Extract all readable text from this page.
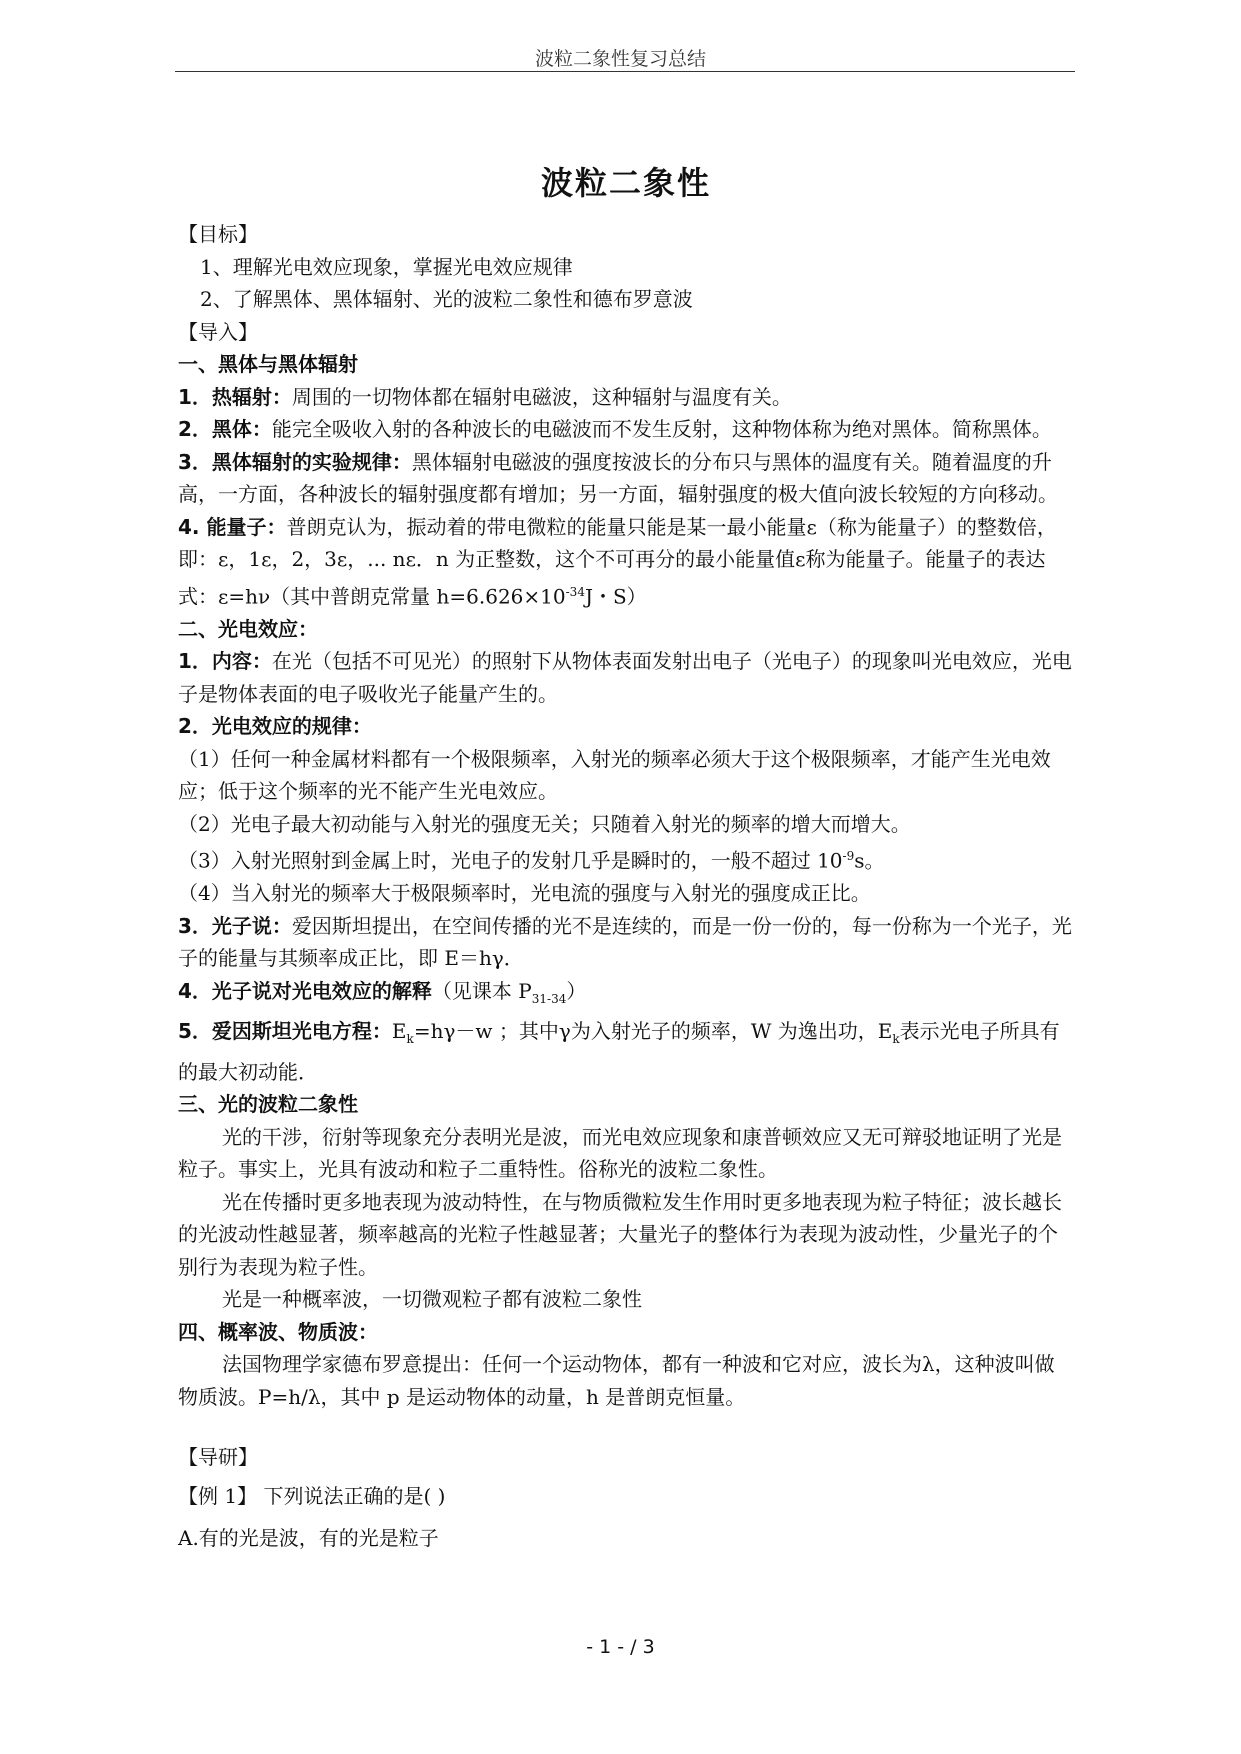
波粒二象性复习总结
波粒二象性

【目标】

1、理解光电效应现象，掌握光电效应规律

2、了解黑体、黑体辐射、光的波粒二象性和德布罗意波

【导入】

一、黑体与黑体辐射

1．热辐射：周围的一切物体都在辐射电磁波，这种辐射与温度有关。

2．黑体：能完全吸收入射的各种波长的电磁波而不发生反射，这种物体称为绝对黑体。简称黑体。

3．黑体辐射的实验规律：黑体辐射电磁波的强度按波长的分布只与黑体的温度有关。随着温度的升高，一方面，各种波长的辐射强度都有增加；另一方面，辐射强度的极大值向波长较短的方向移动。

4. 能量子：普朗克认为，振动着的带电微粒的能量只能是某一最小能量ε（称为能量子）的整数倍，即：ε，1ε，2，3ε，... nε．n 为正整数，这个不可再分的最小能量值ε称为能量子。能量子的表达式：ε=hν（其中普朗克常量 $h=6.626\times 10^{-34}J$・S）

二、光电效应：

1．内容：在光（包括不可见光）的照射下从物体表面发射出电子（光电子）的现象叫光电效应，光电子是物体表面的电子吸收光子能量产生的。

2．光电效应的规律：

（1）任何一种金属材料都有一个极限频率，入射光的频率必须大于这个极限频率，才能产生光电效应；低于这个频率的光不能产生光电效应。

（2）光电子最大初动能与入射光的强度无关；只随着入射光的频率的增大而增大。

（3）入射光照射到金属上时，光电子的发射几乎是瞬时的，一般不超过 $10^{-9}s$。

（4）当入射光的频率大于极限频率时，光电流的强度与入射光的强度成正比。

3．光子说：爱因斯坦提出，在空间传播的光不是连续的，而是一份一份的，每一份称为一个光子，光子的能量与其频率成正比，即 E＝hγ．

4．光子说对光电效应的解释（见课本 $P_{31-34}$）

5．爱因斯坦光电方程：$E_k=h\gamma-w$ ；其中γ为入射光子的频率，W 为逸出功，$E_k$表示光电子所具有的最大初动能．

三、光的波粒二象性

光的干涉，衍射等现象充分表明光是波，而光电效应现象和康普顿效应又无可辩驳地证明了光是粒子。事实上，光具有波动和粒子二重特性。俗称光的波粒二象性。

光在传播时更多地表现为波动特性，在与物质微粒发生作用时更多地表现为粒子特征；波长越长的光波动性越显著，频率越高的光粒子性越显著；大量光子的整体行为表现为波动性，少量光子的个别行为表现为粒子性。

光是一种概率波，一切微观粒子都有波粒二象性

四、概率波、物质波：

法国物理学家德布罗意提出：任何一个运动物体，都有一种波和它对应，波长为λ，这种波叫做物质波。P=h/λ，其中 p 是运动物体的动量，h 是普朗克恒量。

【导研】

【例 1】 下列说法正确的是( )

A.有的光是波，有的光是粒子

- 1 - / 3
